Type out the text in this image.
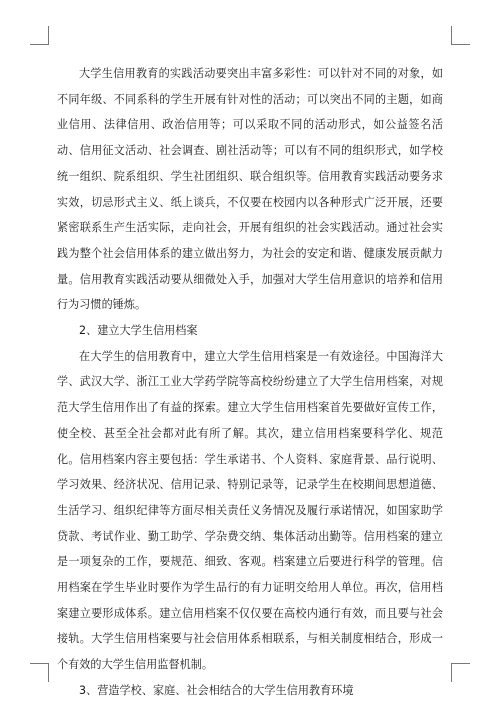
大学生信用教育的实践活动要突出丰富多彩性：可以针对不同的对象，如不同年级、不同系科的学生开展有针对性的活动；可以突出不同的主题，如商业信用、法律信用、政治信用等；可以采取不同的活动形式，如公益签名活动、信用征文活动、社会调查、剧社活动等；可以有不同的组织形式，如学校统一组织、院系组织、学生社团组织、联合组织等。信用教育实践活动要务求实效，切忌形式主义、纸上谈兵，不仅要在校园内以各种形式广泛开展，还要紧密联系生产生活实际，走向社会，开展有组织的社会实践活动。通过社会实践为整个社会信用体系的建立做出努力，为社会的安定和谐、健康发展贡献力量。信用教育实践活动要从细微处入手，加强对大学生信用意识的培养和信用行为习惯的锤炼。

2、建立大学生信用档案

在大学生的信用教育中，建立大学生信用档案是一有效途径。中国海洋大学、武汉大学、浙江工业大学药学院等高校纷纷建立了大学生信用档案，对规范大学生信用作出了有益的探索。建立大学生信用档案首先要做好宣传工作，使全校、甚至全社会都对此有所了解。其次，建立信用档案要科学化、规范化。信用档案内容主要包括：学生承诺书、个人资料、家庭背景、品行说明、学习效果、经济状况、信用记录、特别记录等，记录学生在校期间思想道德、生活学习、组织纪律等方面尽相关责任义务情况及履行承诺情况，如国家助学贷款、考试作业、勤工助学、学杂费交纳、集体活动出勤等。信用档案的建立是一项复杂的工作，要规范、细致、客观。档案建立后要进行科学的管理。信用档案在学生毕业时要作为学生品行的有力证明交给用人单位。再次，信用档案建立要形成体系。建立信用档案不仅仅要在高校内通行有效，而且要与社会接轨。大学生信用档案要与社会信用体系相联系，与相关制度相结合，形成一个有效的大学生信用监督机制。

3、营造学校、家庭、社会相结合的大学生信用教育环境
